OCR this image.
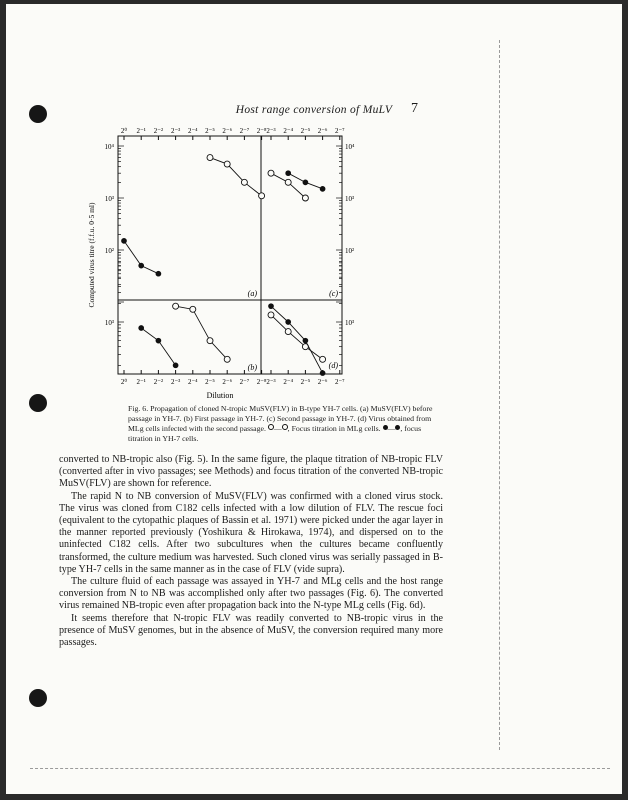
Host range conversion of MuLV	7
2⁰ 2⁻¹ 2⁻² 2⁻³ 2⁻⁴ 2⁻⁵ 2⁻⁶ 2⁻⁷ 2⁻⁸ 2⁻³ 2⁻⁴ 2⁻⁵ 2⁻⁶ 2⁻⁷
2⁰ 2⁻¹ 2⁻² 2⁻³ 2⁻⁴ 2⁻⁵ 2⁻⁶ 2⁻⁷ 2⁻⁸ 2⁻³ 2⁻⁴ 2⁻⁵ 2⁻⁶ 2⁻⁷
10⁴
10³
10²
10³
10⁴
10³
10²
10³
Computed virus titre (f.f.u. 0·5 ml)
Dilution
(a)
(b)
(c)
(d)
Fig. 6. Propagation of cloned N-tropic MuSV(FLV) in B-type YH-7 cells. (a) MuSV(FLV) before
passage in YH-7. (b) First passage in YH-7. (c) Second passage in YH-7. (d) Virus obtained from
MLg cells infected with the second passage. — , Focus titration in MLg cells. — , focus
titration in YH-7 cells.

converted to NB-tropic also (Fig. 5). In the same figure, the plaque titration of NB-tropic FLV (converted after in vivo passages; see Methods) and focus titration of the converted NB-tropic MuSV(FLV) are shown for reference.

The rapid N to NB conversion of MuSV(FLV) was confirmed with a cloned virus stock. The virus was cloned from C182 cells infected with a low dilution of FLV. The rescue foci (equivalent to the cytopathic plaques of Bassin et al. 1971) were picked under the agar layer in the manner reported previously (Yoshikura & Hirokawa, 1974), and dispersed on to the uninfected C182 cells. After two subcultures when the cultures became confluently transformed, the culture medium was harvested. Such cloned virus was serially passaged in B-type YH-7 cells in the same manner as in the case of FLV (vide supra).

The culture fluid of each passage was assayed in YH-7 and MLg cells and the host range conversion from N to NB was accomplished only after two passages (Fig. 6). The converted virus remained NB-tropic even after propagation back into the N-type MLg cells (Fig. 6d).

It seems therefore that N-tropic FLV was readily converted to NB-tropic virus in the presence of MuSV genomes, but in the absence of MuSV, the conversion required many more passages.
